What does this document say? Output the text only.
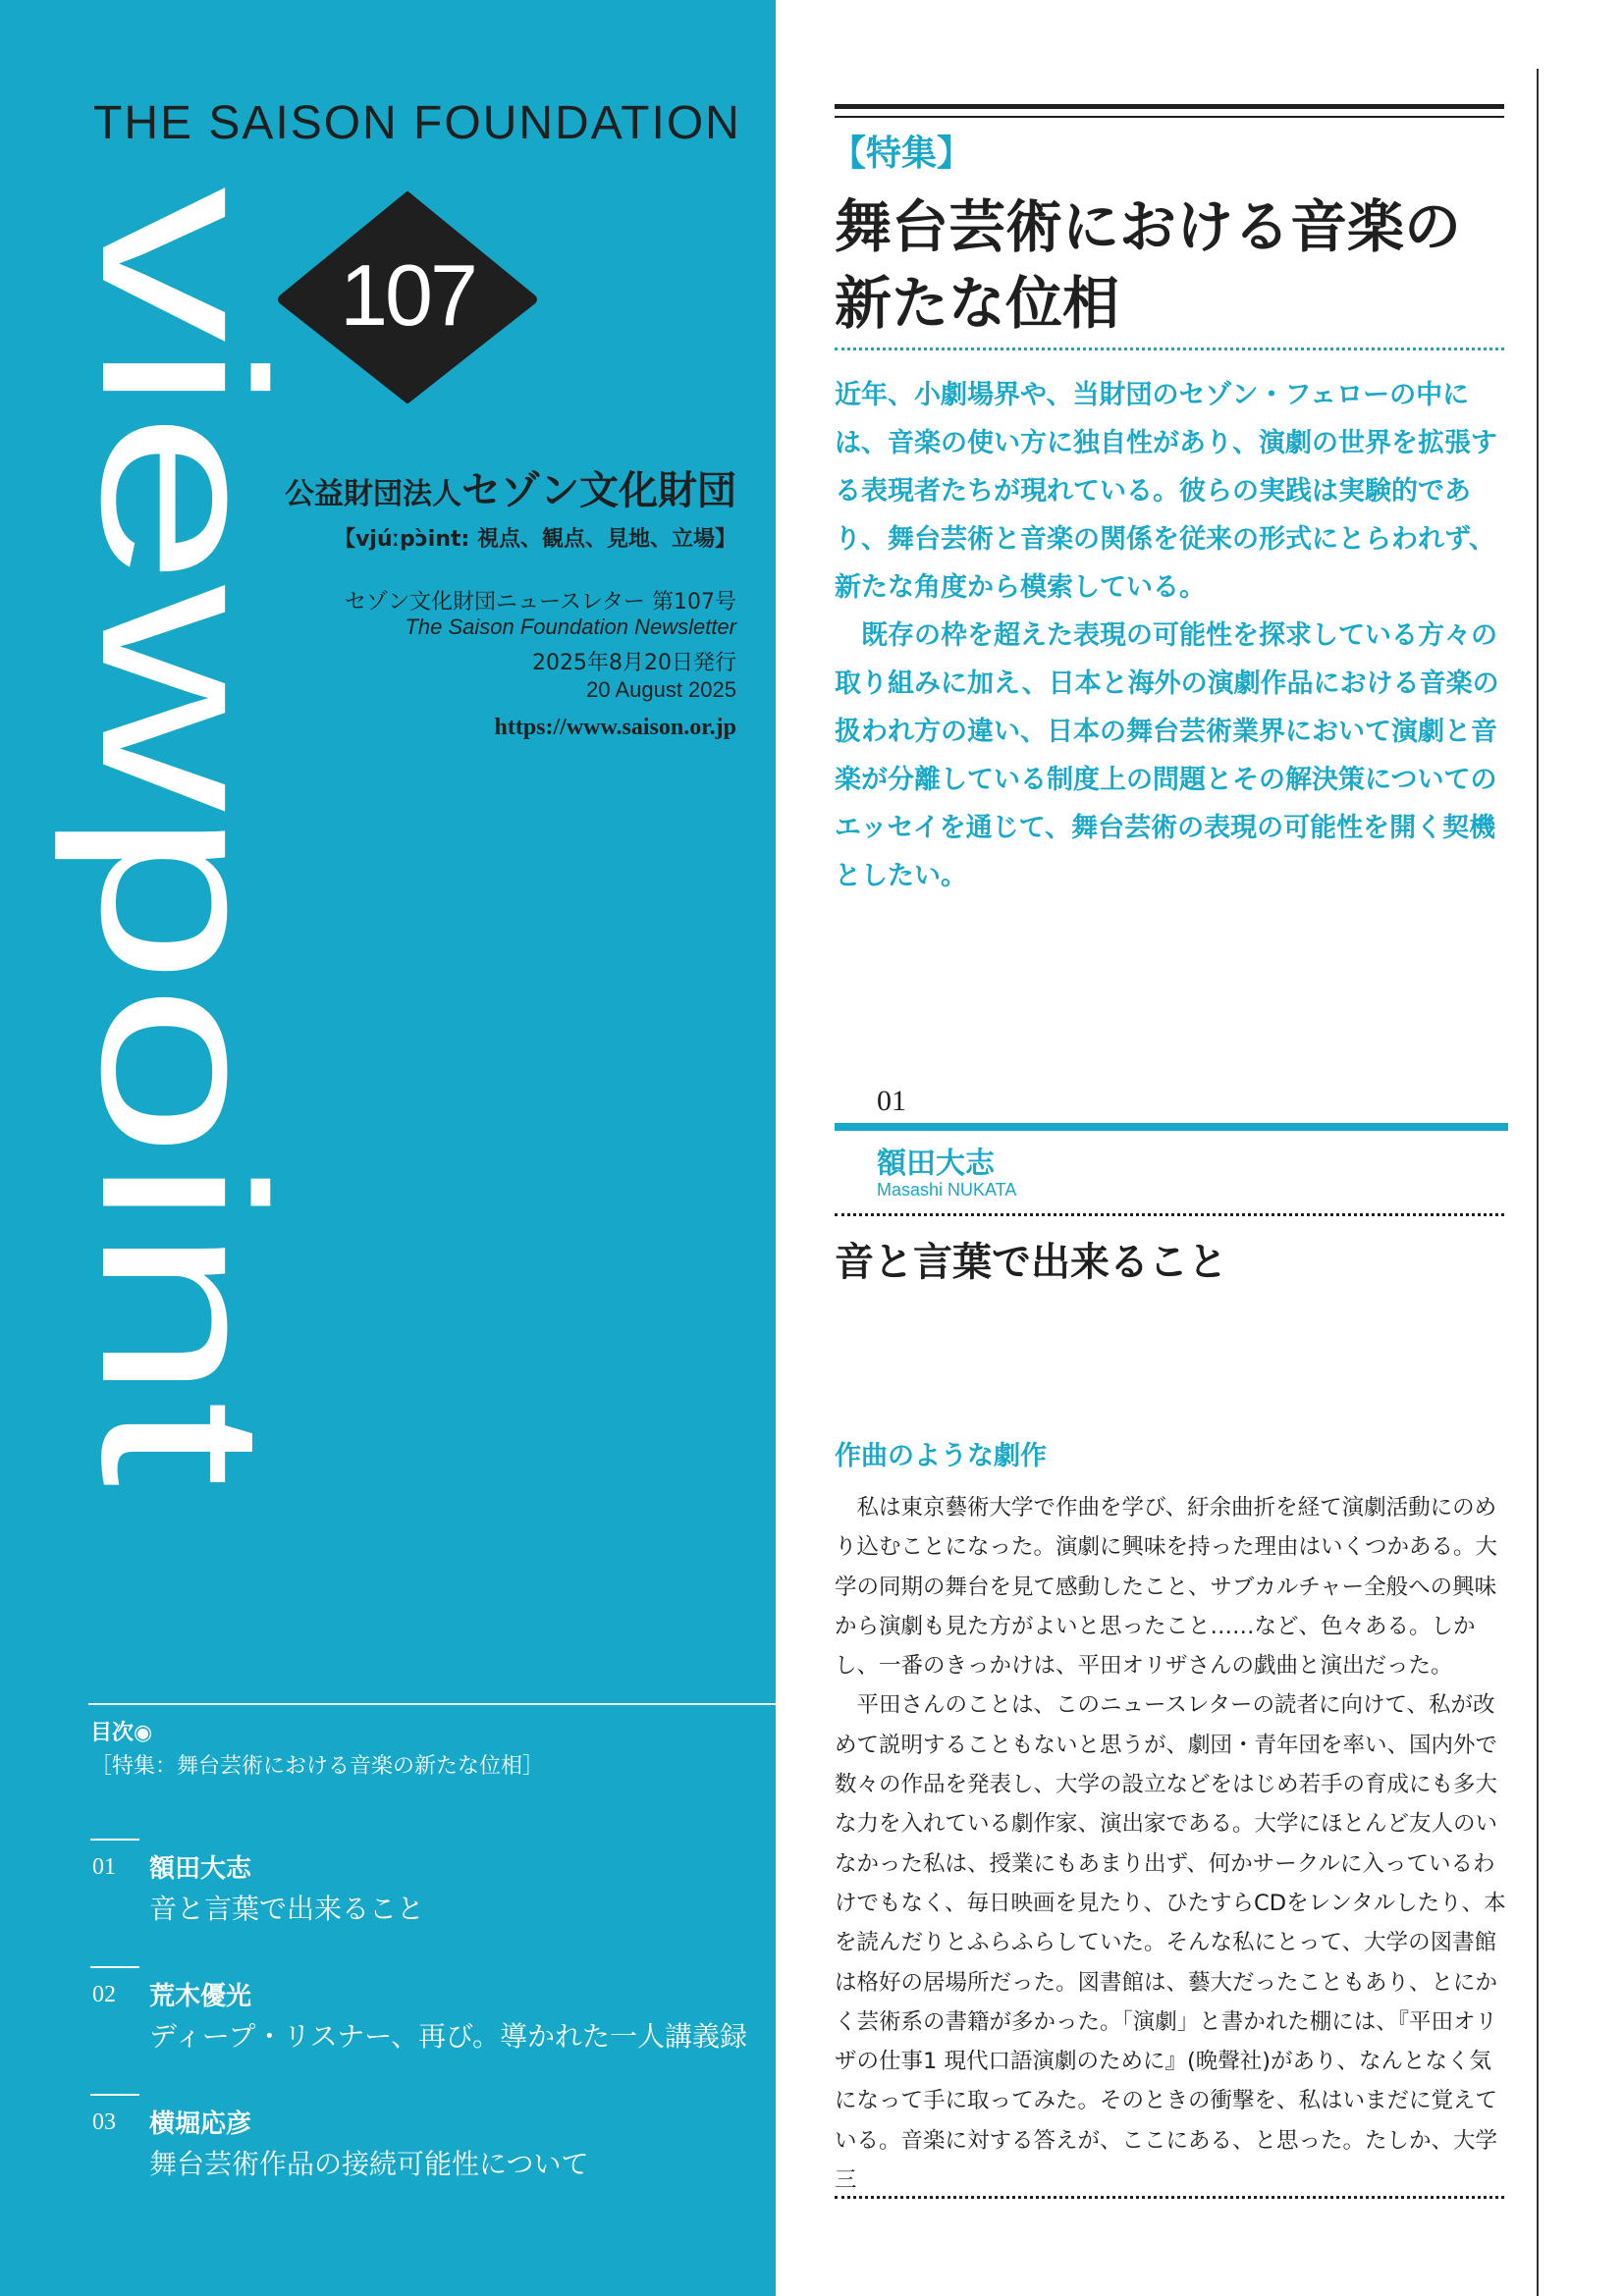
THE SAISON FOUNDATION
viewpoint 107
公益財団法人セゾン文化財団
【vjúːpɔ̀int: 視点、観点、見地、立場】
セゾン文化財団ニュースレター 第107号
The Saison Foundation Newsletter
2025年8月20日発行
20 August 2025
https://www.saison.or.jp
目次◉
［特集：舞台芸術における音楽の新たな位相］
01 額田大志
音と言葉で出来ること
02 荒木優光
ディープ・リスナー、再び。導かれた一人講義録
03 横堀応彦
舞台芸術作品の接続可能性について
【特集】
舞台芸術における音楽の
新たな位相

近年、小劇場界や、当財団のセゾン・フェローの中には、音楽の使い方に独自性があり、演劇の世界を拡張する表現者たちが現れている。彼らの実践は実験的であり、舞台芸術と音楽の関係を従来の形式にとらわれず、新たな角度から模索している。

既存の枠を超えた表現の可能性を探求している方々の取り組みに加え、日本と海外の演劇作品における音楽の扱われ方の違い、日本の舞台芸術業界において演劇と音楽が分離している制度上の問題とその解決策についてのエッセイを通じて、舞台芸術の表現の可能性を開く契機としたい。

01
額田大志
Masashi NUKATA
音と言葉で出来ること
作曲のような劇作

私は東京藝術大学で作曲を学び、紆余曲折を経て演劇活動にのめり込むことになった。演劇に興味を持った理由はいくつかある。大学の同期の舞台を見て感動したこと、サブカルチャー全般への興味から演劇も見た方がよいと思ったこと……など、色々ある。しかし、一番のきっかけは、平田オリザさんの戯曲と演出だった。

平田さんのことは、このニュースレターの読者に向けて、私が改めて説明することもないと思うが、劇団・青年団を率い、国内外で数々の作品を発表し、大学の設立などをはじめ若手の育成にも多大な力を入れている劇作家、演出家である。大学にほとんど友人のいなかった私は、授業にもあまり出ず、何かサークルに入っているわけでもなく、毎日映画を見たり、ひたすらCDをレンタルしたり、本を読んだりとふらふらしていた。そんな私にとって、大学の図書館は格好の居場所だった。図書館は、藝大だったこともあり、とにかく芸術系の書籍が多かった。「演劇」と書かれた棚には、『平田オリザの仕事1 現代口語演劇のために』(晩聲社)があり、なんとなく気になって手に取ってみた。そのときの衝撃を、私はいまだに覚えている。音楽に対する答えが、ここにある、と思った。たしか、大学三
